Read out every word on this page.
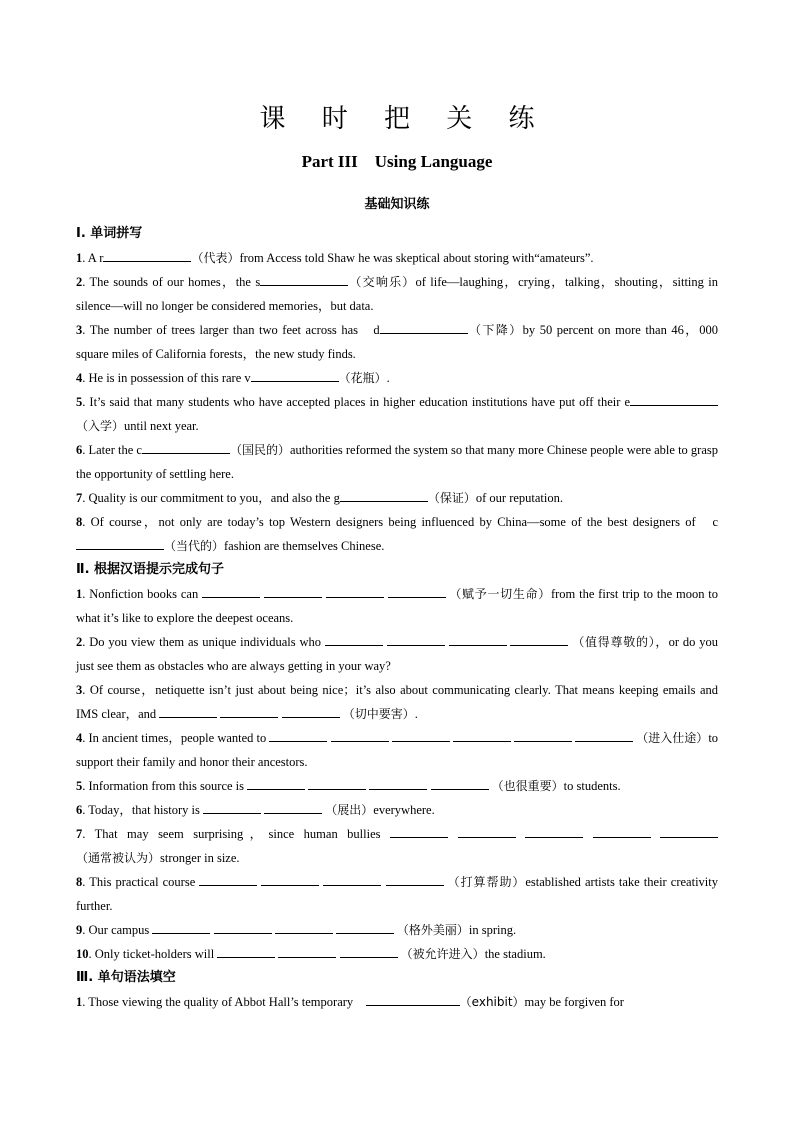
课 时 把 关 练
Part III　Using Language
基础知识练
Ⅰ. 单词拼写
1. A r	（代表）from Access told Shaw he was skeptical about storing with“amateurs”.
2. The sounds of our homes，the s	（交响乐）of life—laughing，crying，talking，shouting，sitting in silence—will no longer be considered memories，but data.
3. The number of trees larger than two feet across has　d	（下降）by 50 percent on more than 46，000 square miles of California forests，the new study finds.
4. He is in possession of this rare v	（花瓶）.
5. It’s said that many students who have accepted places in higher education institutions have put off their e（入学）until next year.
6. Later the c	（国民的）authorities reformed the system so that many more Chinese people were able to grasp the opportunity of settling here.
7. Quality is our commitment to you，and also the g	（保证）of our reputation.
8. Of course，not only are today’s top Western designers being influenced by China—some of the best designers of　c（当代的）fashion are themselves Chinese.
Ⅱ. 根据汉语提示完成句子
1. Nonfiction books can	（赋予一切生命）from the first trip to the moon to what it’s like to explore the deepest oceans.
2. Do you view them as unique individuals who	（值得尊敬的），or do you just see them as obstacles who are always getting in your way?
3. Of course，netiquette isn’t just about being nice；it’s also about communicating clearly. That means keeping emails and IMS clear，and	（切中要害）.
4. In ancient times，people wanted to	（进入仕途）to support their family and honor their ancestors.
5. Information from this source is	（也很重要）to students.
6. Today，that history is	（展出）everywhere.
7. That may seem surprising，since human bullies      （通常被认为）stronger in size.
8. This practical course	（打算帮助）established artists take their creativity further.
9. Our campus	（格外美丽）in spring.
10. Only ticket-holders will	（被允许进入）the stadium.
Ⅲ. 单句语法填空
1. Those viewing the quality of Abbot Hall’s temporary　	（exhibit）may be forgiven for
